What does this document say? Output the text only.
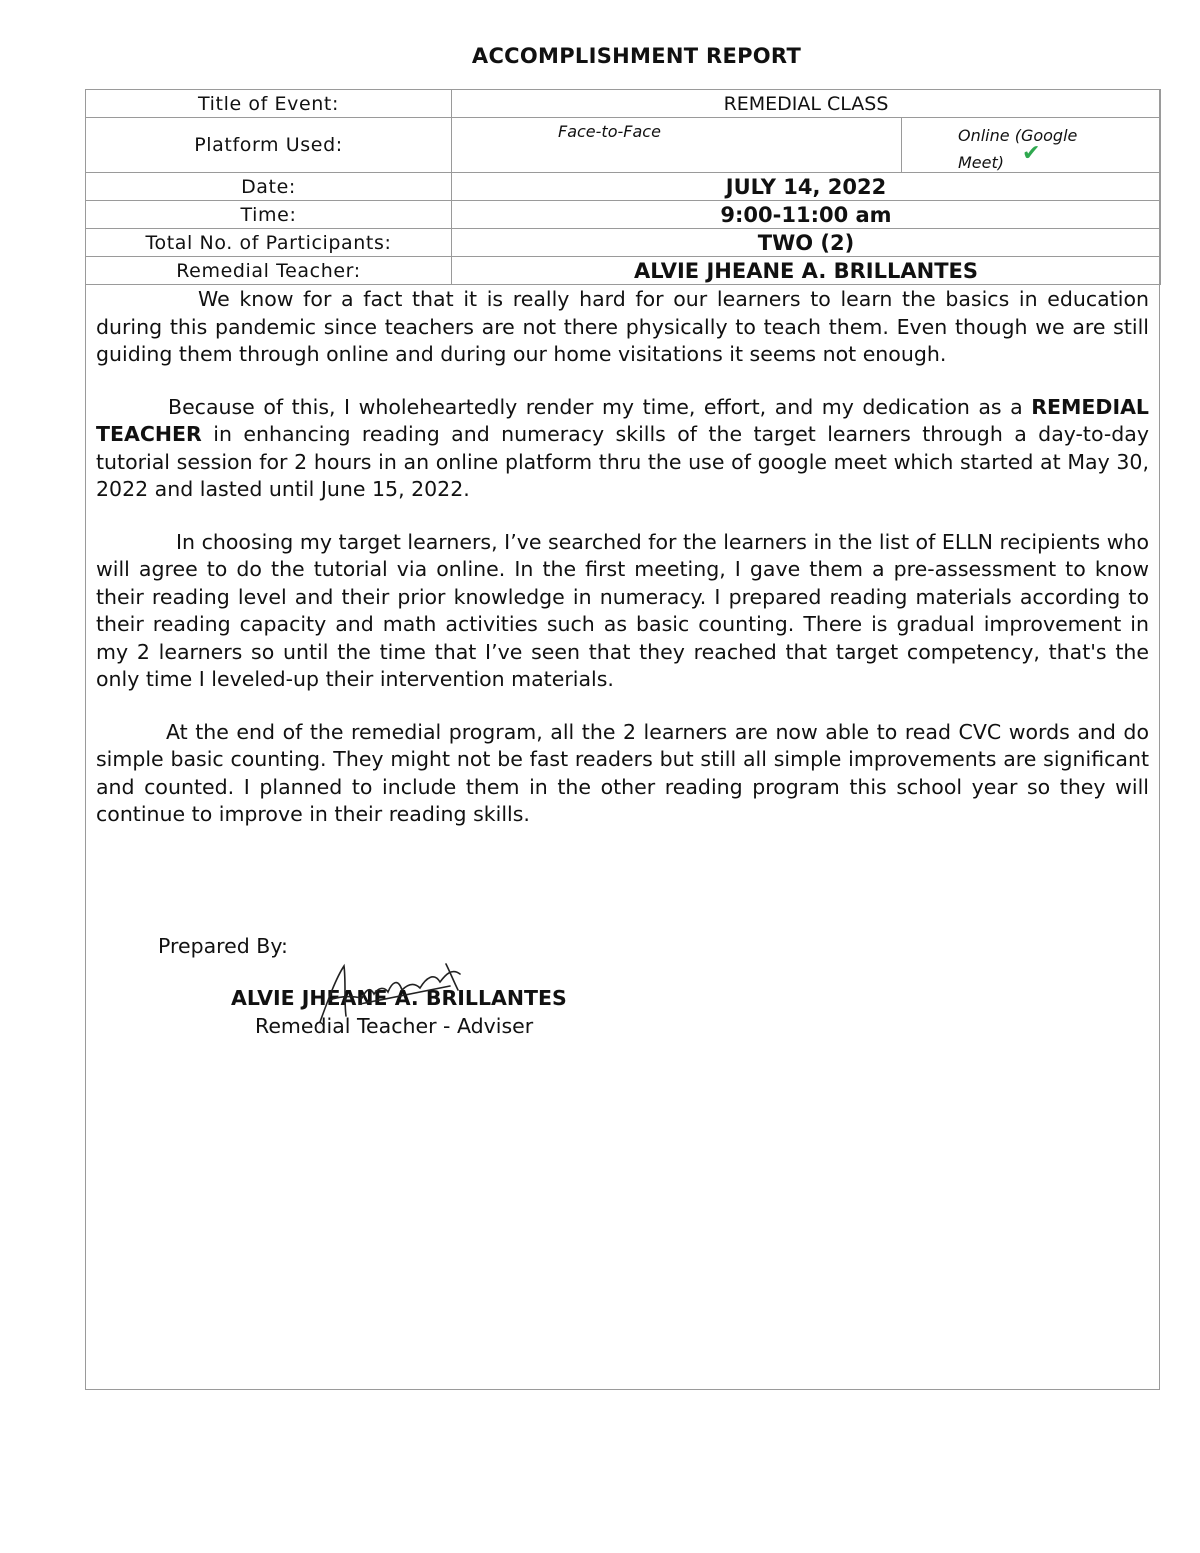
ACCOMPLISHMENT REPORT
Title of Event:	REMEDIAL CLASS	
Platform Used:	Face-to-Face	$_{Online (Google Meet)}$ ✔
Date:	JULY 14, 2022	
Time:	9:00-11:00 am	
Total No. of Participants:	TWO (2)	
Remedial Teacher:	ALVIE JHEANE A. BRILLANTES	

We know for a fact that it is really hard for our learners to learn the basics in education during this pandemic since teachers are not there physically to teach them. Even though we are still guiding them through online and during our home visitations it seems not enough.

Because of this, I wholeheartedly render my time, effort, and my dedication as a REMEDIAL TEACHER in enhancing reading and numeracy skills of the target learners through a day-to-day tutorial session for 2 hours in an online platform thru the use of google meet which started at May 30, 2022 and lasted until June 15, 2022.

In choosing my target learners, I’ve searched for the learners in the list of ELLN recipients who will agree to do the tutorial via online. In the first meeting, I gave them a pre-assessment to know their reading level and their prior knowledge in numeracy. I prepared reading materials according to their reading capacity and math activities such as basic counting. There is gradual improvement in my 2 learners so until the time that I’ve seen that they reached that target competency, that's the only time I leveled-up their intervention materials.

At the end of the remedial program, all the 2 learners are now able to read CVC words and do simple basic counting. They might not be fast readers but still all simple improvements are significant and counted. I planned to include them in the other reading program this school year so they will continue to improve in their reading skills.

Prepared By:
ALVIE JHEANE A. BRILLANTES
Remedial Teacher - Adviser
